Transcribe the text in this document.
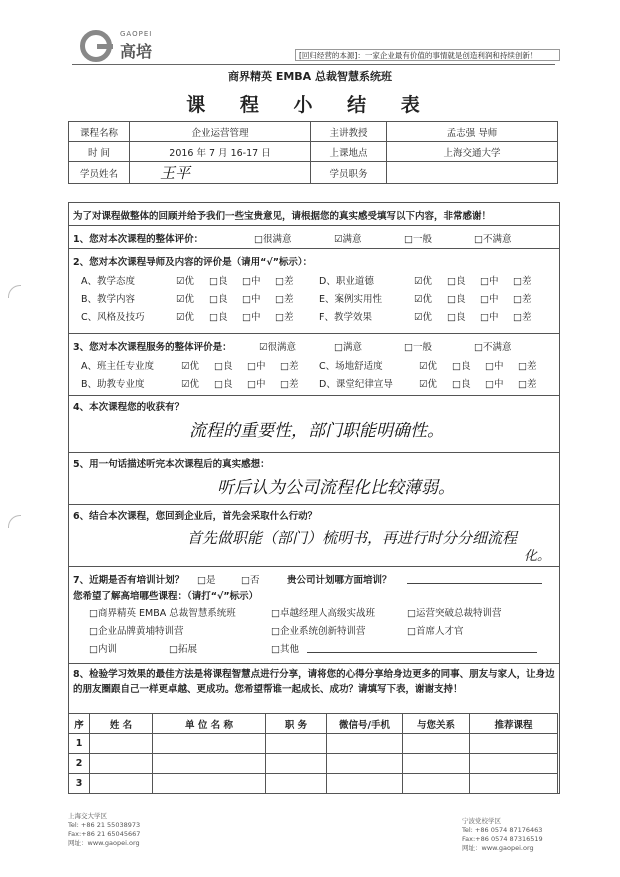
GAOPEI
高培	[回归经营的本源]：一家企业最有价值的事情就是创造利润和持续创新！
商界精英 EMBA 总裁智慧系统班
课 程 小 结 表
课程名称	企业运营管理	主讲教授	孟志强 导师
时 间	2016 年 7 月 16-17 日	上课地点	上海交通大学
学员姓名	王平	学员职务	
为了对课程做整体的回顾并给予我们一些宝贵意见，请根据您的真实感受填写以下内容，非常感谢！
1、您对本次课程的整体评价： □	很满意 ☑	满意 □	一般 □	不满意
2、您对本次课程导师及内容的评价是（请用“√”标示）：
A、教学态度 ☑	优 □	良 □	中 □	差
B、教学内容 ☑	优 □	良 □	中 □	差
C、风格及技巧 ☑	优 □	良 □	中 □	差
D、职业道德 ☑	优 □	良 □	中 □	差
E、案例实用性 ☑	优 □	良 □	中 □	差
F、教学效果 ☑	优 □	良 □	中 □	差
3、您对本次课程服务的整体评价是： ☑	很满意 □	满意 □	一般 □	不满意
A、班主任专业度 ☑	优 □	良 □	中 □	差
B、助教专业度 ☑	优 □	良 □	中 □	差
C、场地舒适度 ☑	优 □	良 □	中 □	差
D、课堂纪律宣导 ☑	优 □	良 □	中 □	差
4、本次课程您的收获有？
流程的重要性，部门职能明确性。
5、用一句话描述听完本次课程后的真实感想：
听后认为公司流程化比较薄弱。
6、结合本次课程，您回到企业后，首先会采取什么行动？
首先做职能（部门）梳明书，再进行时分分细流程
化。
7、近期是否有培训计划？ □	是 □	否	贵公司计划哪方面培训？
您希望了解高培哪些课程：（请打“√”标示）
□ 商界精英 EMBA 总裁智慧系统班 □	卓越经理人高级实战班 □	运营突破总裁特训营
□ 企业品牌黄埔特训营 □	企业系统创新特训营 □	首席人才官
□ 内训 □	拓展 □	其他
8、检验学习效果的最佳方法是将课程智慧点进行分享，请将您的心得分享给身边更多的同事、朋友与家人，让身边的朋友圈跟自己一样更卓越、更成功。您希望帮谁一起成长、成功？请填写下表，谢谢支持！
序	姓 名	单 位 名 称	职 务	微信号/手机	与您关系	推荐课程
1						
2						
3						
上海交大学区
Tel: +86 21 55038973
Fax:+86 21 65045667
网址：www.gaopei.org
宁波党校学区
Tel: +86 0574 87176463
Fax:+86 0574 87316519
网址：www.gaopei.org
